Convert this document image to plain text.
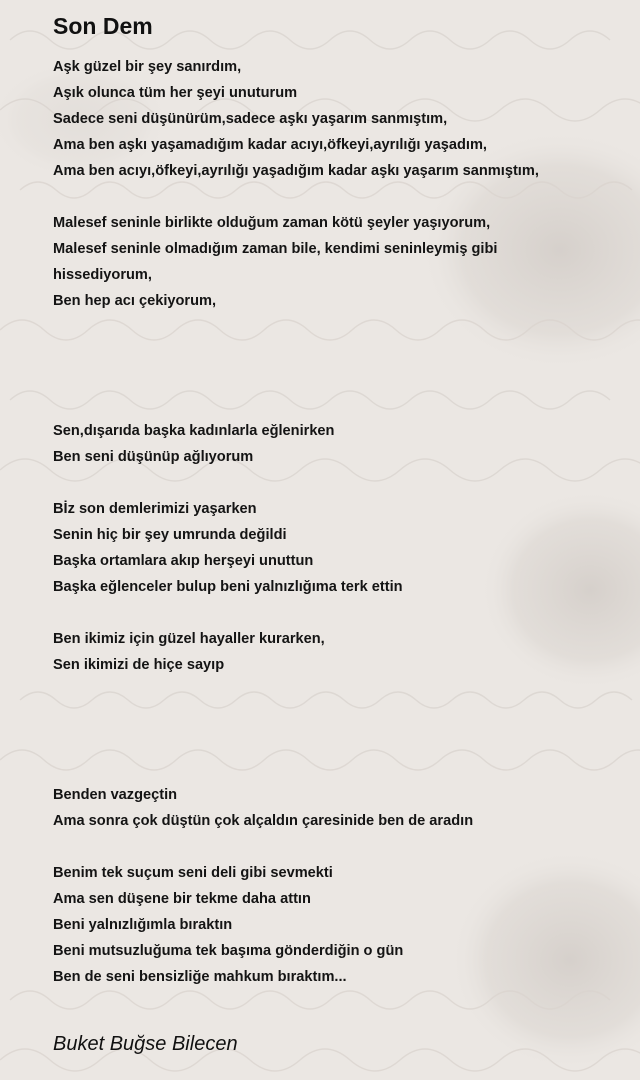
Son Dem
Aşk güzel bir şey sanırdım,
Aşık olunca tüm her şeyi unuturum
Sadece seni düşünürüm,sadece aşkı yaşarım sanmıştım,
Ama ben aşkı yaşamadığım kadar acıyı,öfkeyi,ayrılığı yaşadım,
Ama ben acıyı,öfkeyi,ayrılığı yaşadığım kadar aşkı yaşarım sanmıştım,
Malesef seninle birlikte olduğum zaman kötü şeyler yaşıyorum,
Malesef seninle olmadığım zaman bile, kendimi seninleymiş gibi
hissediyorum,
Ben hep acı çekiyorum,
Sen,dışarıda başka kadınlarla eğlenirken
Ben seni düşünüp ağlıyorum
Bİz son demlerimizi yaşarken
Senin hiç bir şey umrunda değildi
Başka ortamlara akıp herşeyi unuttun
Başka eğlenceler bulup beni yalnızlığıma terk ettin
Ben ikimiz için güzel hayaller kurarken,
Sen ikimizi de hiçe sayıp
Benden vazgeçtin
Ama sonra çok düştün çok alçaldın çaresinide ben de aradın
Benim tek suçum seni deli gibi sevmekti
Ama sen düşene bir tekme daha attın
Beni yalnızlığımla bıraktın
Beni mutsuzluğuma tek başıma gönderdiğin o gün
Ben de seni bensizliğe mahkum bıraktım...
Buket Buğse Bilecen
